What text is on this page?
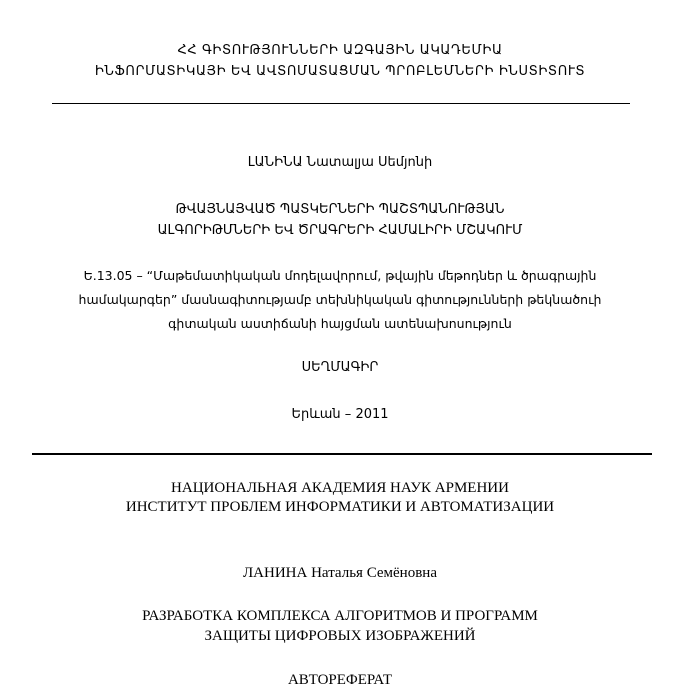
ՀՀ ԳԻՏՈՒԹՅՈՒՆՆԵՐԻ ԱԶԳԱՅԻՆ ԱԿԱԴԵՄԻԱ
ԻՆՖՈՐՄԱՏԻԿԱՅԻ ԵՎ ԱՎՏՈՄԱՏԱՑՄԱՆ ՊՐՈԲԼԵՄՆԵՐԻ ԻՆՍՏԻՏՈՒՏ
ԼԱՆԻՆԱ Նատալյա Սեմյոնի
ԹՎԱՅՆԱՅՎԱԾ ՊԱՏԿԵՐՆԵՐԻ ՊԱՇՏՊԱՆՈՒԹՅԱՆ
ԱԼԳՈՐԻԹՄՆԵՐԻ ԵՎ ԾՐԱԳՐԵՐԻ ՀԱՄԱԼԻՐԻ ՄՇԱԿՈՒՄ
Ե.13.05 – “Մաթեմատիկական մոդելավորում, թվային մեթոդներ և ծրագրային
համակարգեր” մասնագիտությամբ տեխնիկական գիտությունների թեկնածուի
գիտական աստիճանի հայցման ատենախոսություն
ՍԵՂՄԱԳԻՐ
Երևան – 2011
НАЦИОНАЛЬНАЯ АКАДЕМИЯ НАУК АРМЕНИИ
ИНСТИТУТ ПРОБЛЕМ ИНФОРМАТИКИ И АВТОМАТИЗАЦИИ
ЛАНИНА Наталья Семёновна
РАЗРАБОТКА КОМПЛЕКСА АЛГОРИТМОВ И ПРОГРАММ
ЗАЩИТЫ ЦИФРОВЫХ ИЗОБРАЖЕНИЙ
АВТОРЕФЕРАТ
